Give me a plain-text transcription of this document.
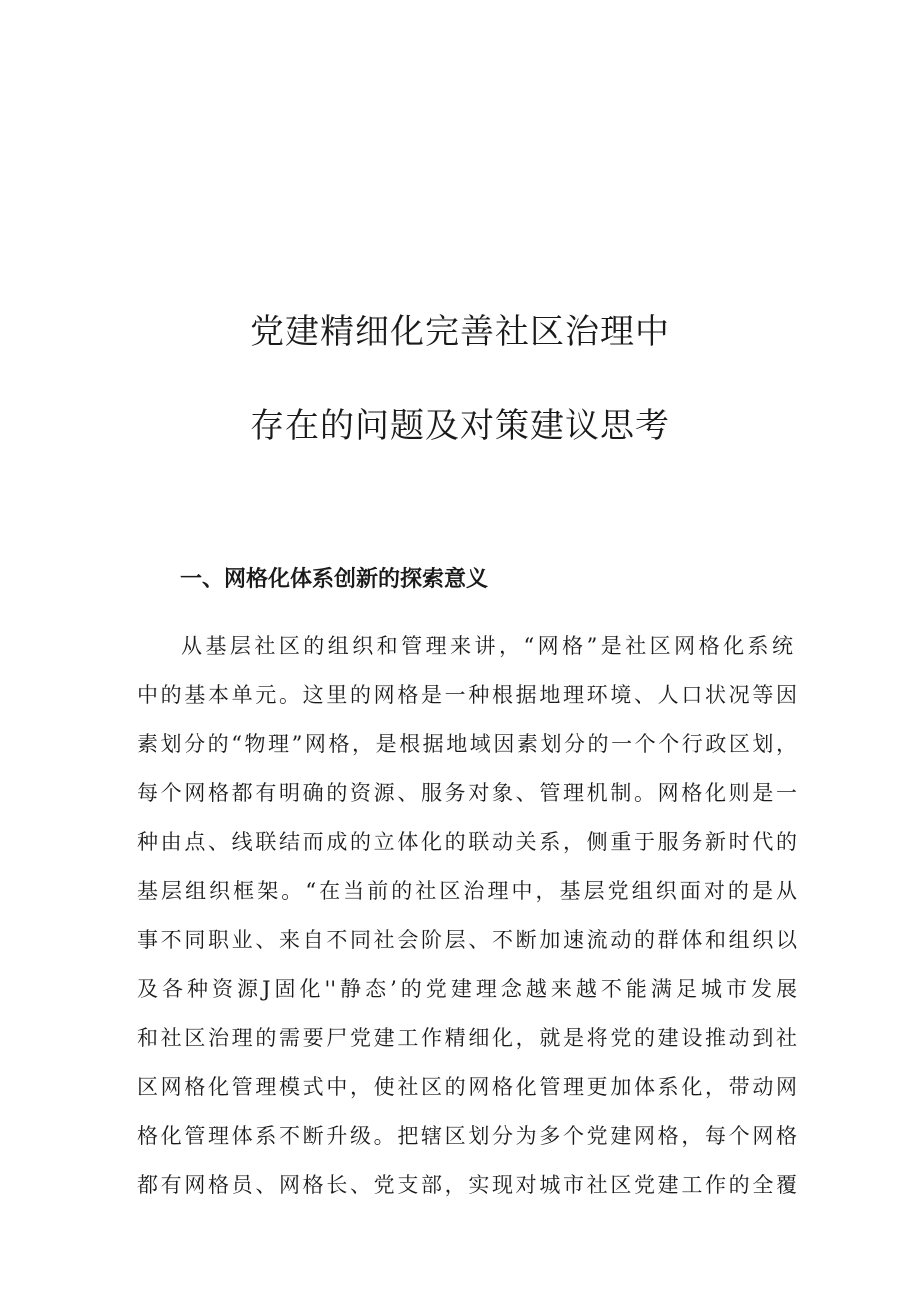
党建精细化完善社区治理中
存在的问题及对策建议思考
一、网格化体系创新的探索意义

从基层社区的组织和管理来讲，“网格”是社区网格化系统

中的基本单元。这里的网格是一种根据地理环境、人口状况等因

素划分的“物理”网格，是根据地域因素划分的一个个行政区划，

每个网格都有明确的资源、服务对象、管理机制。网格化则是一

种由点、线联结而成的立体化的联动关系，侧重于服务新时代的

基层组织框架。“在当前的社区治理中，基层党组织面对的是从

事不同职业、来自不同社会阶层、不断加速流动的群体和组织以

及各种资源J固化''静态’的党建理念越来越不能满足城市发展

和社区治理的需要尸党建工作精细化，就是将党的建设推动到社

区网格化管理模式中，使社区的网格化管理更加体系化，带动网

格化管理体系不断升级。把辖区划分为多个党建网格，每个网格

都有网格员、网格长、党支部，实现对城市社区党建工作的全覆
